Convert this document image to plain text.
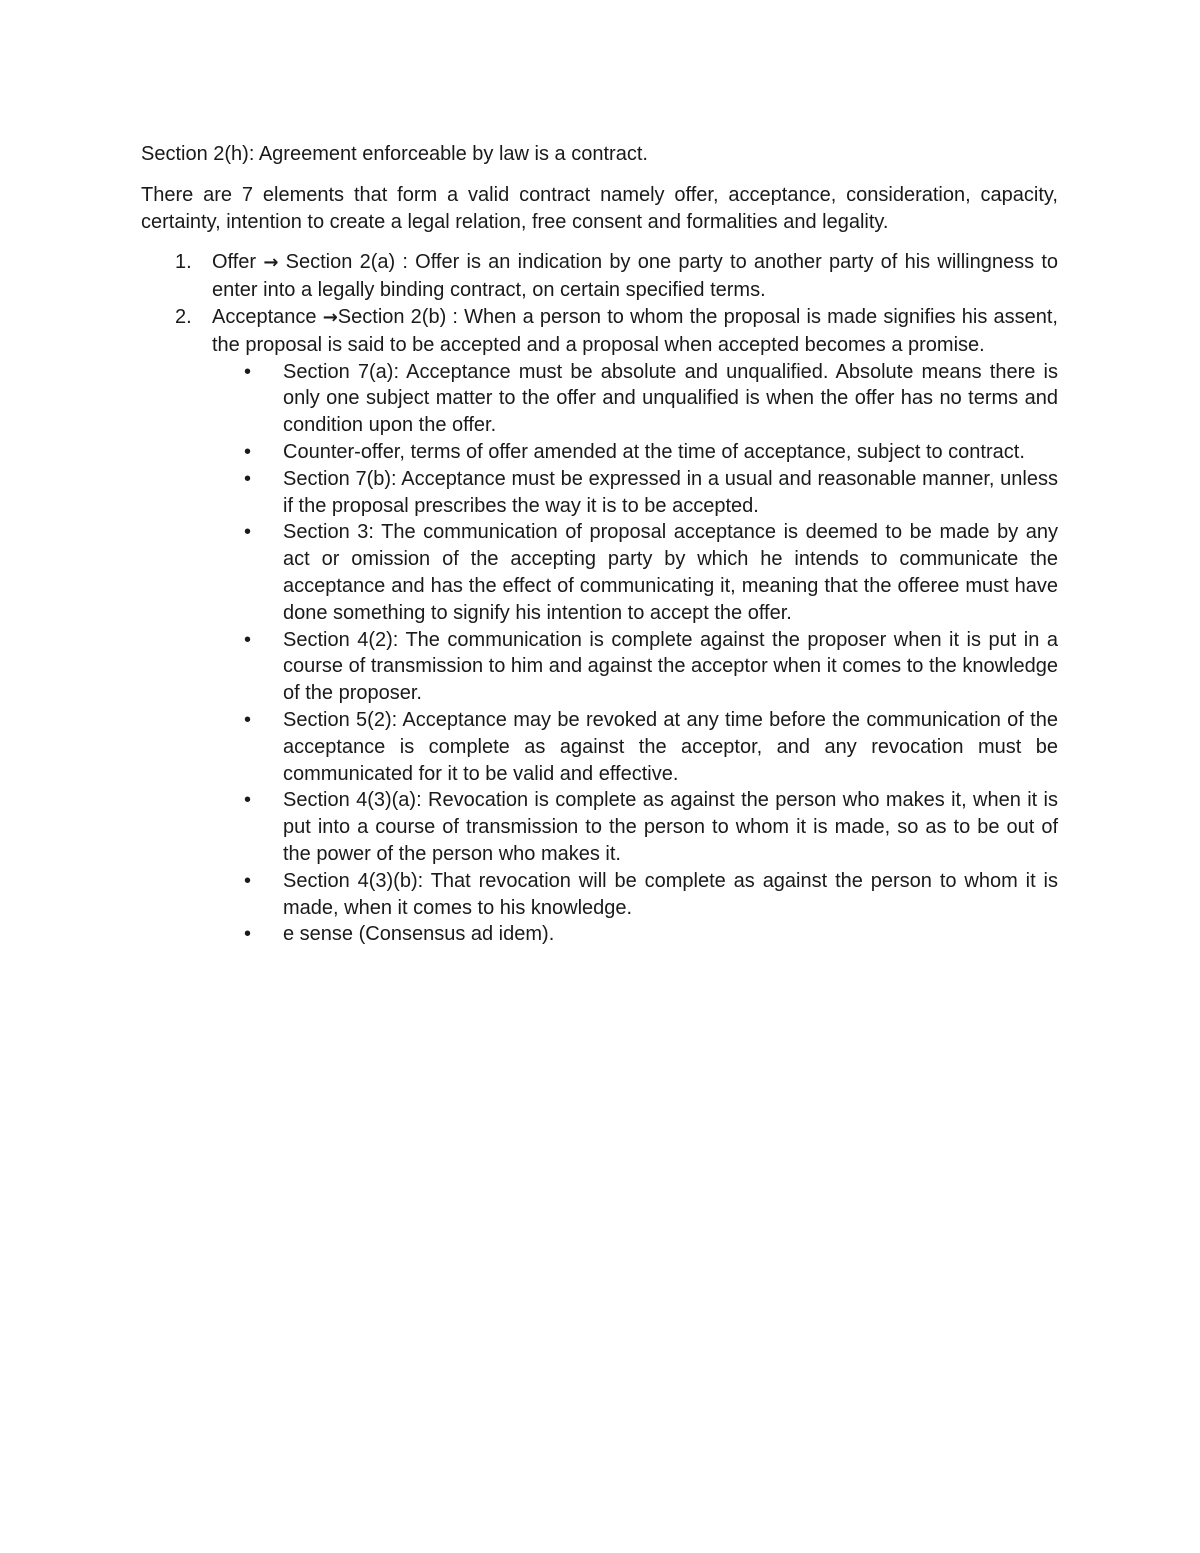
Section 2(h): Agreement enforceable by law is a contract.

There are 7 elements that form a valid contract namely offer, acceptance, consideration, capacity, certainty, intention to create a legal relation, free consent and formalities and legality.

1. Offer → Section 2(a) : Offer is an indication by one party to another party of his willingness to enter into a legally binding contract, on certain specified terms.
2. Acceptance →Section 2(b) : When a person to whom the proposal is made signifies his assent, the proposal is said to be accepted and a proposal when accepted becomes a promise.
• Section 7(a): Acceptance must be absolute and unqualified. Absolute means there is only one subject matter to the offer and unqualified is when the offer has no terms and condition upon the offer.
• Counter-offer, terms of offer amended at the time of acceptance, subject to contract.
• Section 7(b): Acceptance must be expressed in a usual and reasonable manner, unless if the proposal prescribes the way it is to be accepted.
• Section 3: The communication of proposal acceptance is deemed to be made by any act or omission of the accepting party by which he intends to communicate the acceptance and has the effect of communicating it, meaning that the offeree must have done something to signify his intention to accept the offer.
• Section 4(2): The communication is complete against the proposer when it is put in a course of transmission to him and against the acceptor when it comes to the knowledge of the proposer.
• Section 5(2): Acceptance may be revoked at any time before the communication of the acceptance is complete as against the acceptor, and any revocation must be communicated for it to be valid and effective.
• Section 4(3)(a): Revocation is complete as against the person who makes it, when it is put into a course of transmission to the person to whom it is made, so as to be out of the power of the person who makes it.
• Section 4(3)(b): That revocation will be complete as against the person to whom it is made, when it comes to his knowledge.
• e sense (Consensus ad idem).
